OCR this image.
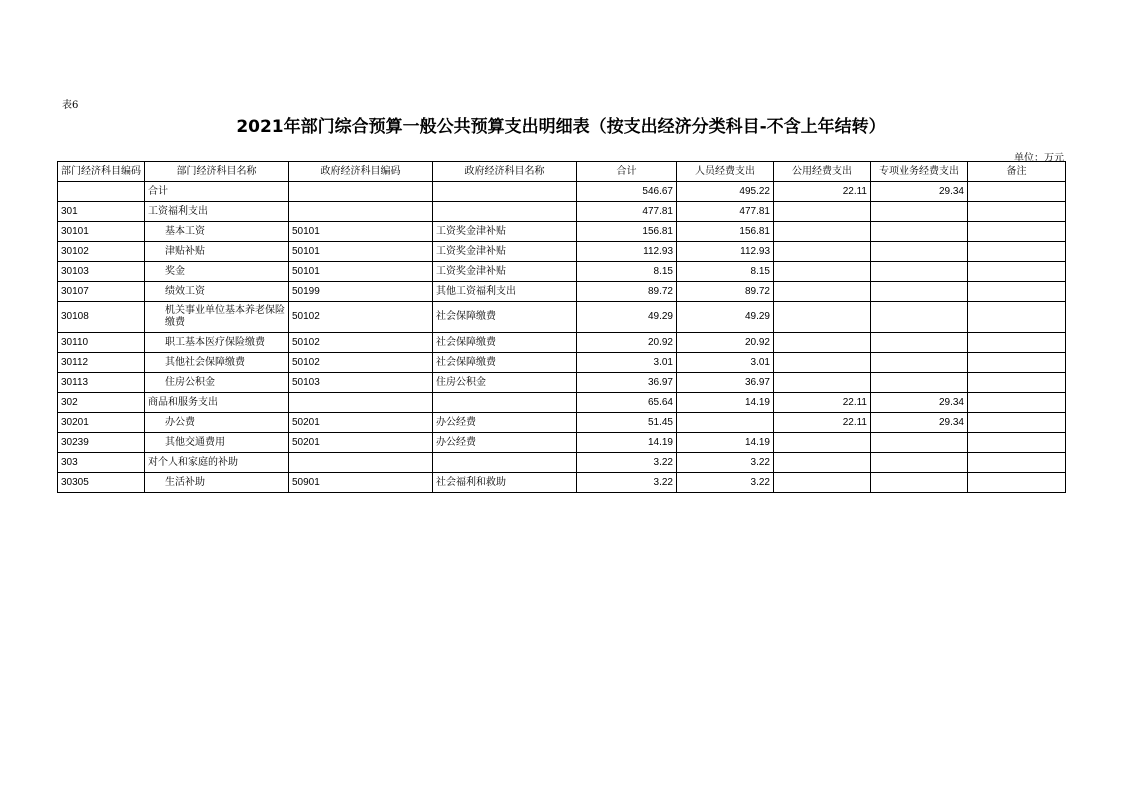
表6
2021年部门综合预算一般公共预算支出明细表（按支出经济分类科目-不含上年结转）
单位：万元
部门经济科目编码	部门经济科目名称	政府经济科目编码	政府经济科目名称	合计	人员经费支出	公用经费支出	专项业务经费支出	备注
	合计			546.67	495.22	22.11	29.34	
301	工资福利支出			477.81	477.81			
30101	基本工资	50101	工资奖金津补贴	156.81	156.81			
30102	津贴补贴	50101	工资奖金津补贴	112.93	112.93			
30103	奖金	50101	工资奖金津补贴	8.15	8.15			
30107	绩效工资	50199	其他工资福利支出	89.72	89.72			
30108	机关事业单位基本养老保险缴费	50102	社会保障缴费	49.29	49.29			
30110	职工基本医疗保险缴费	50102	社会保障缴费	20.92	20.92			
30112	其他社会保障缴费	50102	社会保障缴费	3.01	3.01			
30113	住房公积金	50103	住房公积金	36.97	36.97			
302	商品和服务支出			65.64	14.19	22.11	29.34	
30201	办公费	50201	办公经费	51.45		22.11	29.34	
30239	其他交通费用	50201	办公经费	14.19	14.19			
303	对个人和家庭的补助			3.22	3.22			
30305	生活补助	50901	社会福利和救助	3.22	3.22			
